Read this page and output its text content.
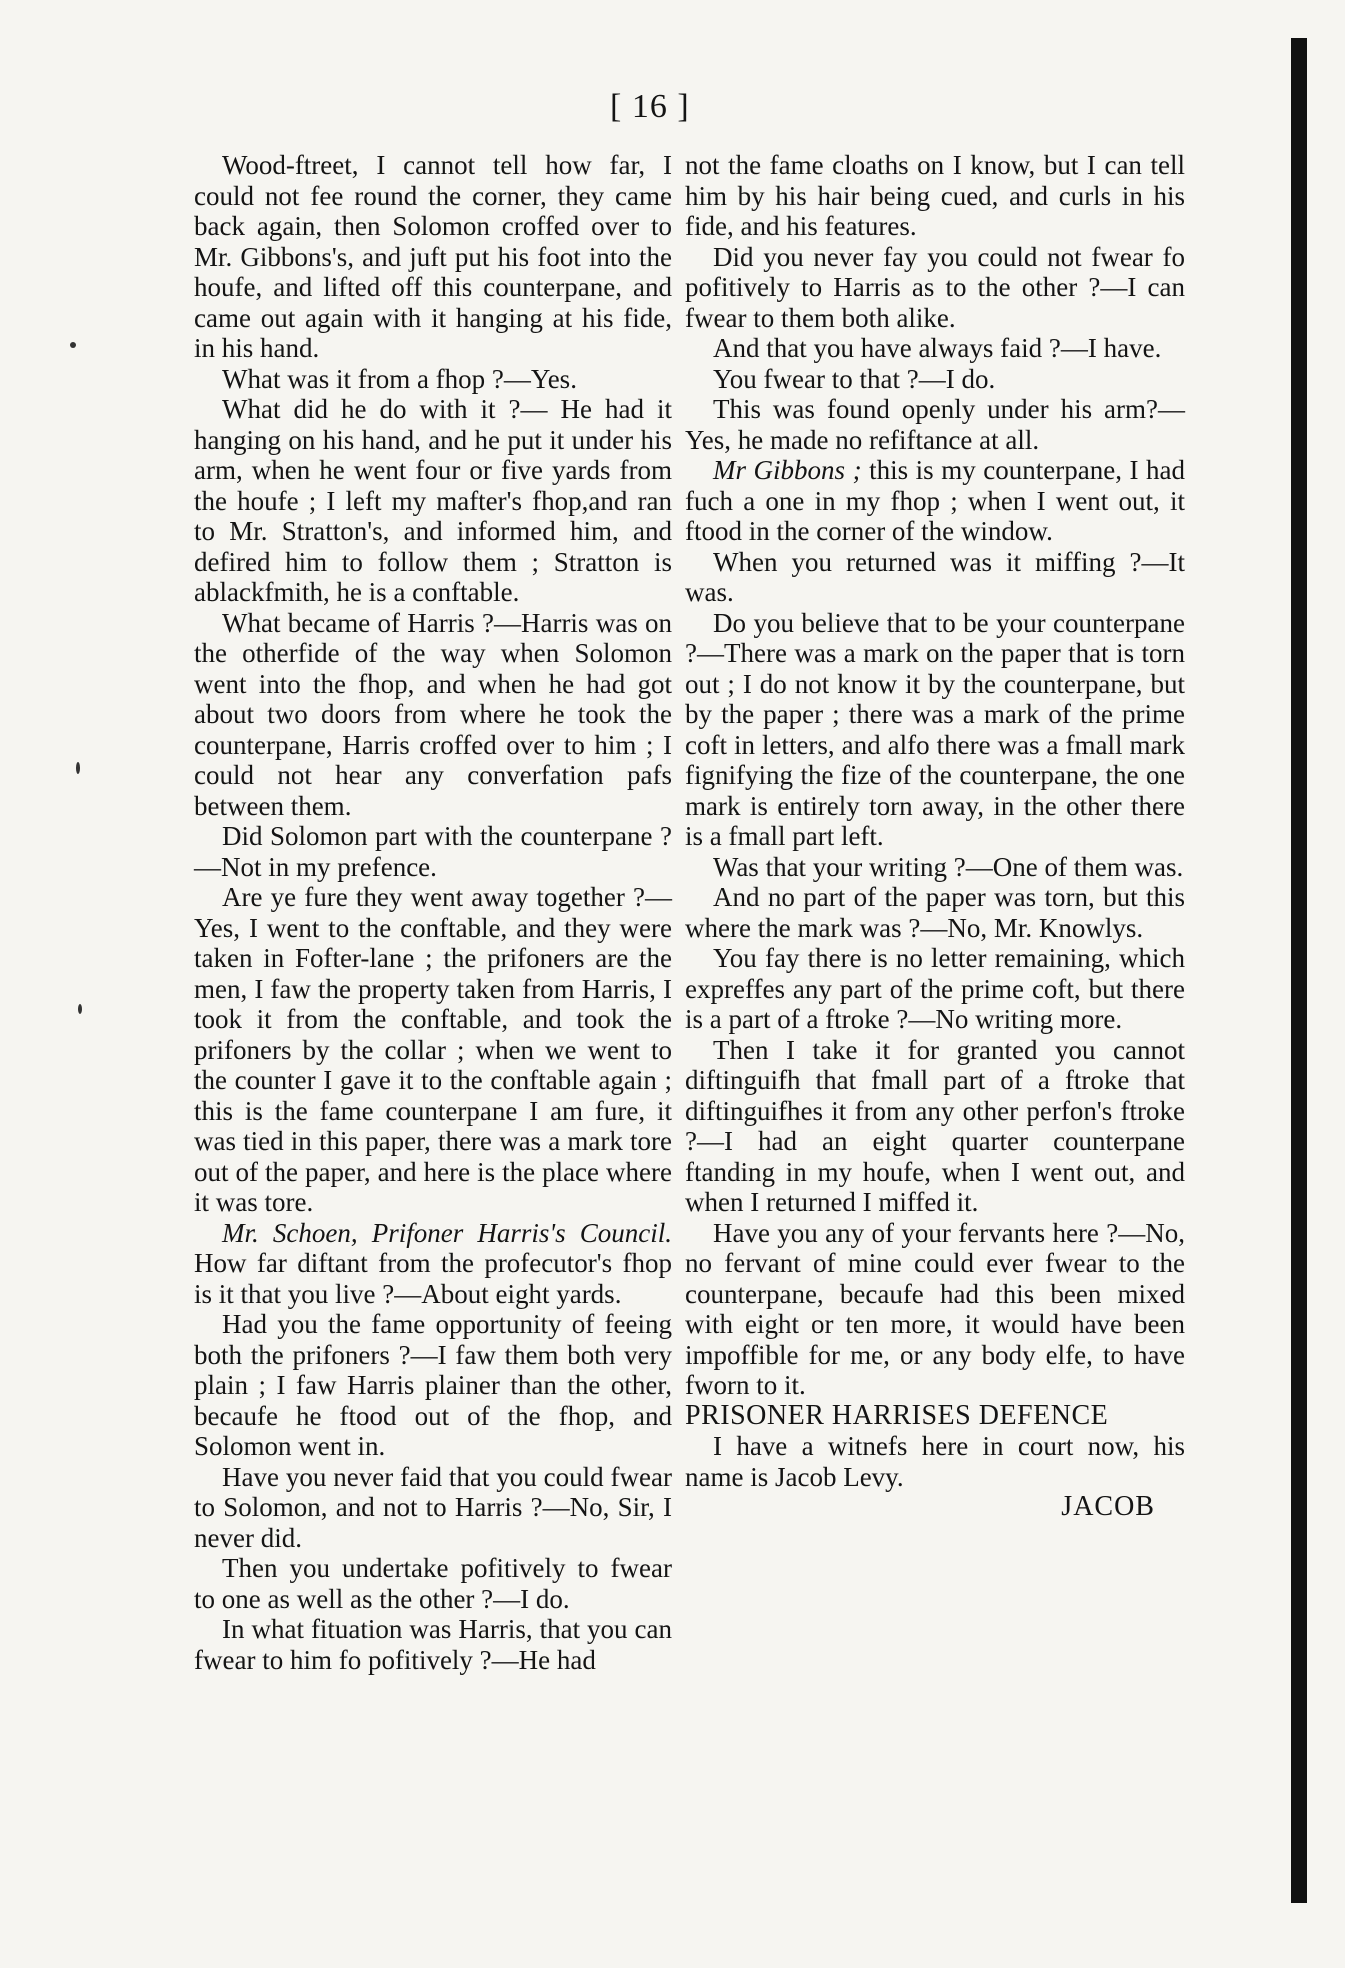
[ 16 ]

Wood-ftreet, I cannot tell how far, I could not fee round the corner, they came back again, then Solomon croffed over to Mr. Gibbons's, and juft put his foot into the houfe, and lifted off this counterpane, and came out again with it hanging at his fide, in his hand.

What was it from a fhop ?—Yes.

What did he do with it ?— He had it hanging on his hand, and he put it under his arm, when he went four or five yards from the houfe ; I left my mafter's fhop,and ran to Mr. Stratton's, and informed him, and defired him to follow them ; Stratton is ablackfmith, he is a conftable.

What became of Harris ?—Harris was on the otherfide of the way when Solomon went into the fhop, and when he had got about two doors from where he took the counterpane, Harris croffed over to him ; I could not hear any converfation pafs between them.

Did Solomon part with the counterpane ?—Not in my prefence.

Are ye fure they went away together ?—Yes, I went to the conftable, and they were taken in Fofter-lane ; the prifoners are the men, I faw the property taken from Harris, I took it from the conftable, and took the prifoners by the collar ; when we went to the counter I gave it to the conftable again ; this is the fame counterpane I am fure, it was tied in this paper, there was a mark tore out of the paper, and here is the place where it was tore.

Mr. Schoen, Prifoner Harris's Council. How far diftant from the profecutor's fhop is it that you live ?—About eight yards.

Had you the fame opportunity of feeing both the prifoners ?—I faw them both very plain ; I faw Harris plainer than the other, becaufe he ftood out of the fhop, and Solomon went in.

Have you never faid that you could fwear to Solomon, and not to Harris ?—No, Sir, I never did.

Then you undertake pofitively to fwear to one as well as the other ?—I do.

In what fituation was Harris, that you can fwear to him fo pofitively ?—He had

not the fame cloaths on I know, but I can tell him by his hair being cued, and curls in his fide, and his features.

Did you never fay you could not fwear fo pofitively to Harris as to the other ?—I can fwear to them both alike.

And that you have always faid ?—I have.

You fwear to that ?—I do.

This was found openly under his arm?—Yes, he made no refiftance at all.

Mr Gibbons ; this is my counterpane, I had fuch a one in my fhop ; when I went out, it ftood in the corner of the window.

When you returned was it miffing ?—It was.

Do you believe that to be your counterpane ?—There was a mark on the paper that is torn out ; I do not know it by the counterpane, but by the paper ; there was a mark of the prime coft in letters, and alfo there was a fmall mark fignifying the fize of the counterpane, the one mark is entirely torn away, in the other there is a fmall part left.

Was that your writing ?—One of them was.

And no part of the paper was torn, but this where the mark was ?—No, Mr. Knowlys.

You fay there is no letter remaining, which expreffes any part of the prime coft, but there is a part of a ftroke ?—No writing more.

Then I take it for granted you cannot diftinguifh that fmall part of a ftroke that diftinguifhes it from any other perfon's ftroke ?—I had an eight quarter counterpane ftanding in my houfe, when I went out, and when I returned I miffed it.

Have you any of your fervants here ?—No, no fervant of mine could ever fwear to the counterpane, becaufe had this been mixed with eight or ten more, it would have been impoffible for me, or any body elfe, to have fworn to it.

PRISONER HARRISES DEFENCE

I have a witnefs here in court now, his name is Jacob Levy.

JACOB
